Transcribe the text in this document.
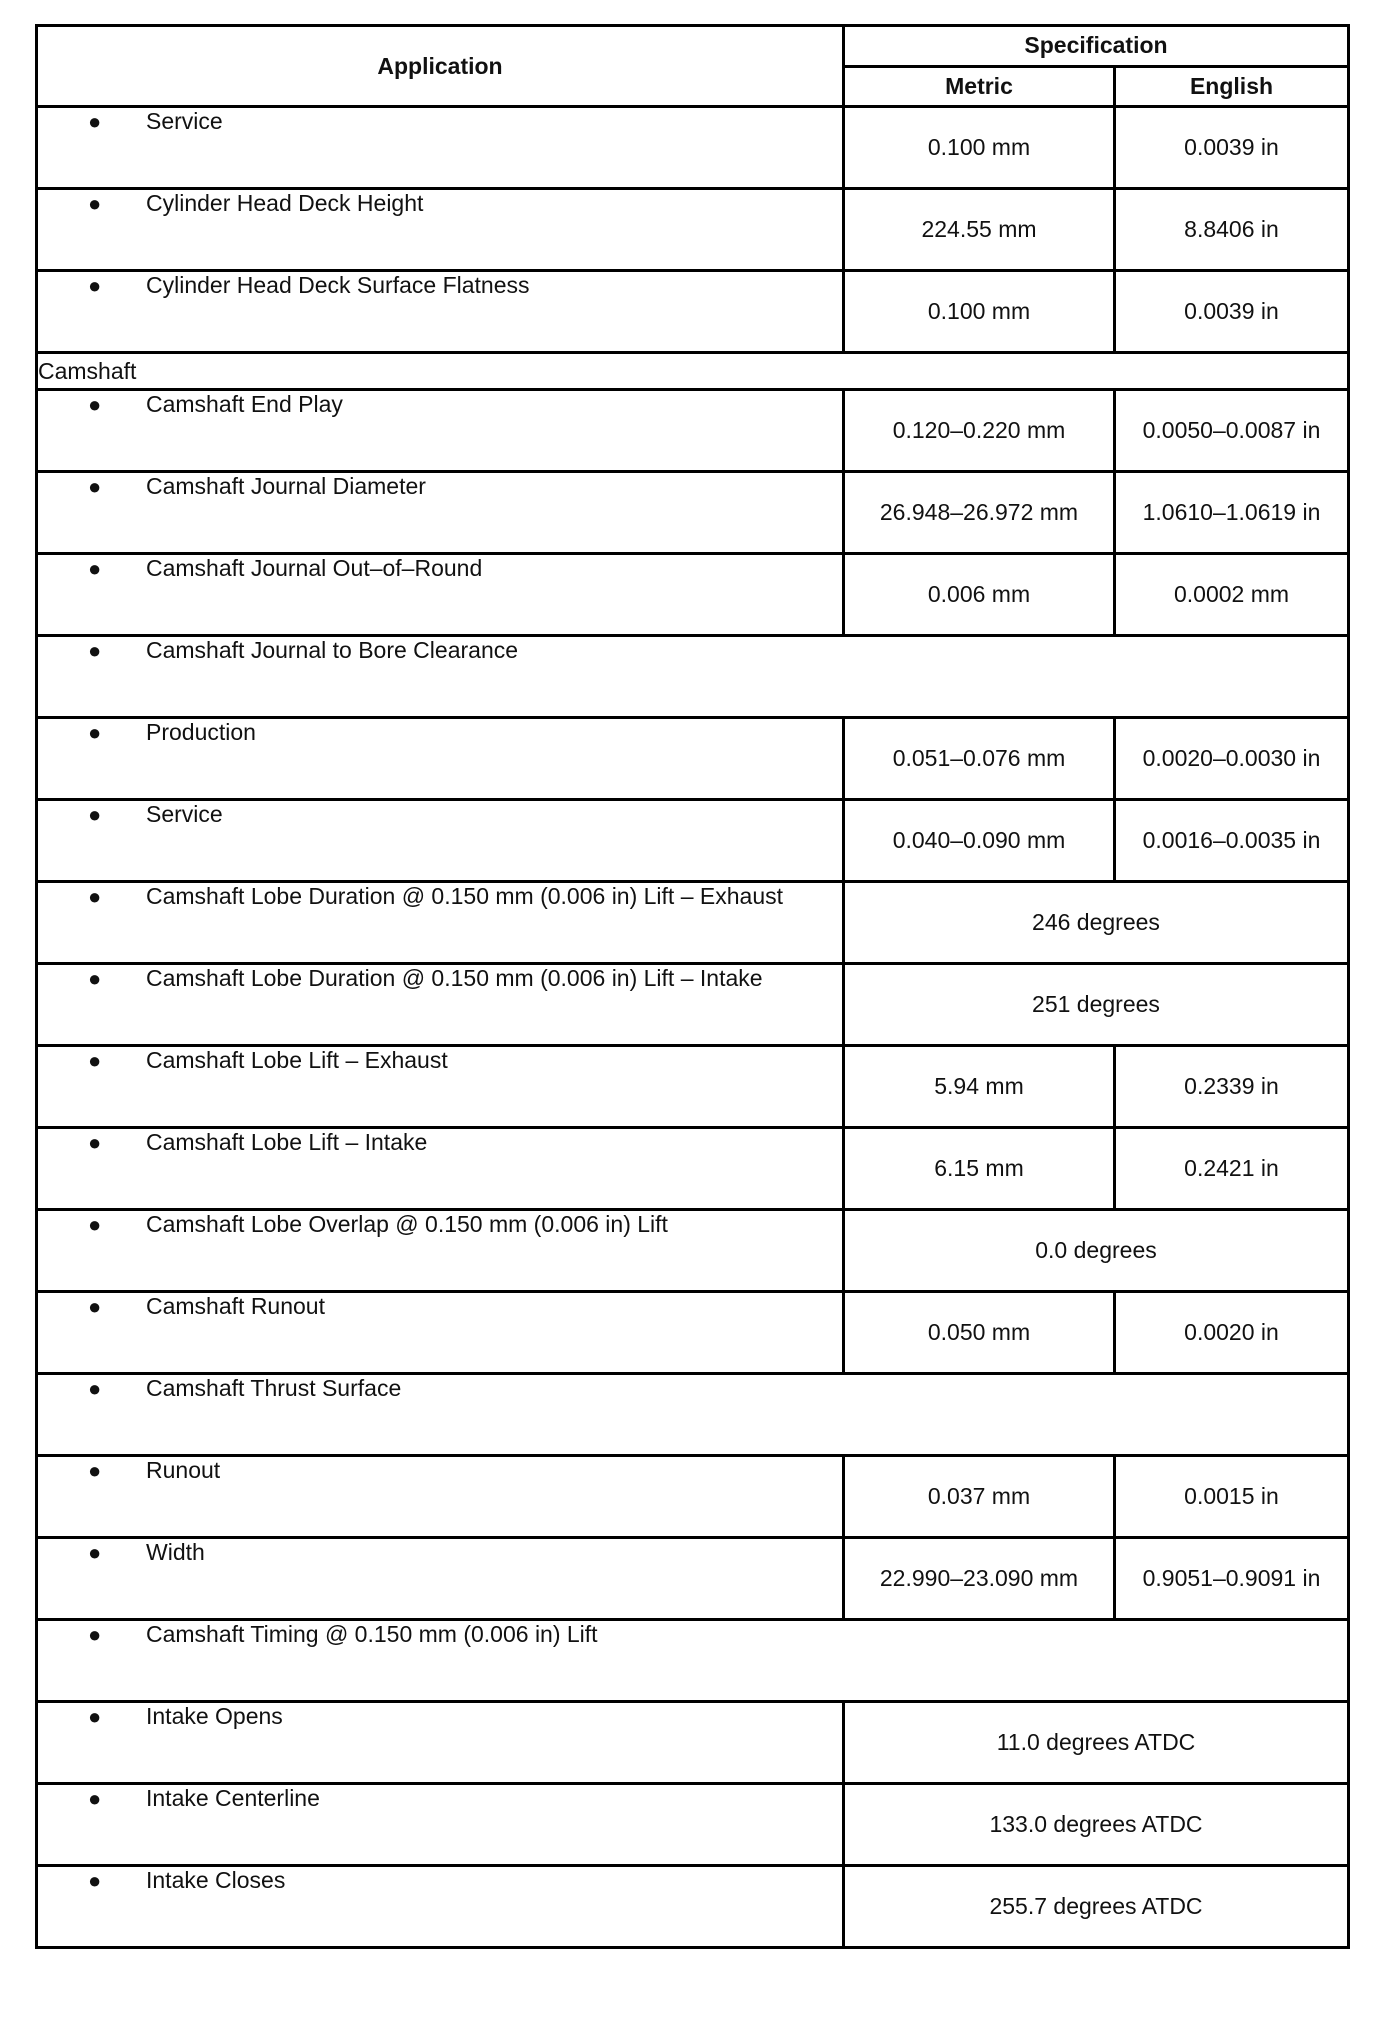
Application	Specification	
	Metric	English
● Service	0.100 mm	0.0039 in
● Cylinder Head Deck Height	224.55 mm	8.8406 in
● Cylinder Head Deck Surface Flatness	0.100 mm	0.0039 in
Camshaft		
● Camshaft End Play	0.120–0.220 mm	0.0050–0.0087 in
● Camshaft Journal Diameter	26.948–26.972 mm	1.0610–1.0619 in
● Camshaft Journal Out–of–Round	0.006 mm	0.0002 mm
● Camshaft Journal to Bore Clearance		
● Production	0.051–0.076 mm	0.0020–0.0030 in
● Service	0.040–0.090 mm	0.0016–0.0035 in
● Camshaft Lobe Duration @ 0.150 mm (0.006 in) Lift – Exhaust	246 degrees	
● Camshaft Lobe Duration @ 0.150 mm (0.006 in) Lift – Intake	251 degrees	
● Camshaft Lobe Lift – Exhaust	5.94 mm	0.2339 in
● Camshaft Lobe Lift – Intake	6.15 mm	0.2421 in
● Camshaft Lobe Overlap @ 0.150 mm (0.006 in) Lift	0.0 degrees	
● Camshaft Runout	0.050 mm	0.0020 in
● Camshaft Thrust Surface		
● Runout	0.037 mm	0.0015 in
● Width	22.990–23.090 mm	0.9051–0.9091 in
● Camshaft Timing @ 0.150 mm (0.006 in) Lift		
● Intake Opens	11.0 degrees ATDC	
● Intake Centerline	133.0 degrees ATDC	
● Intake Closes	255.7 degrees ATDC	
